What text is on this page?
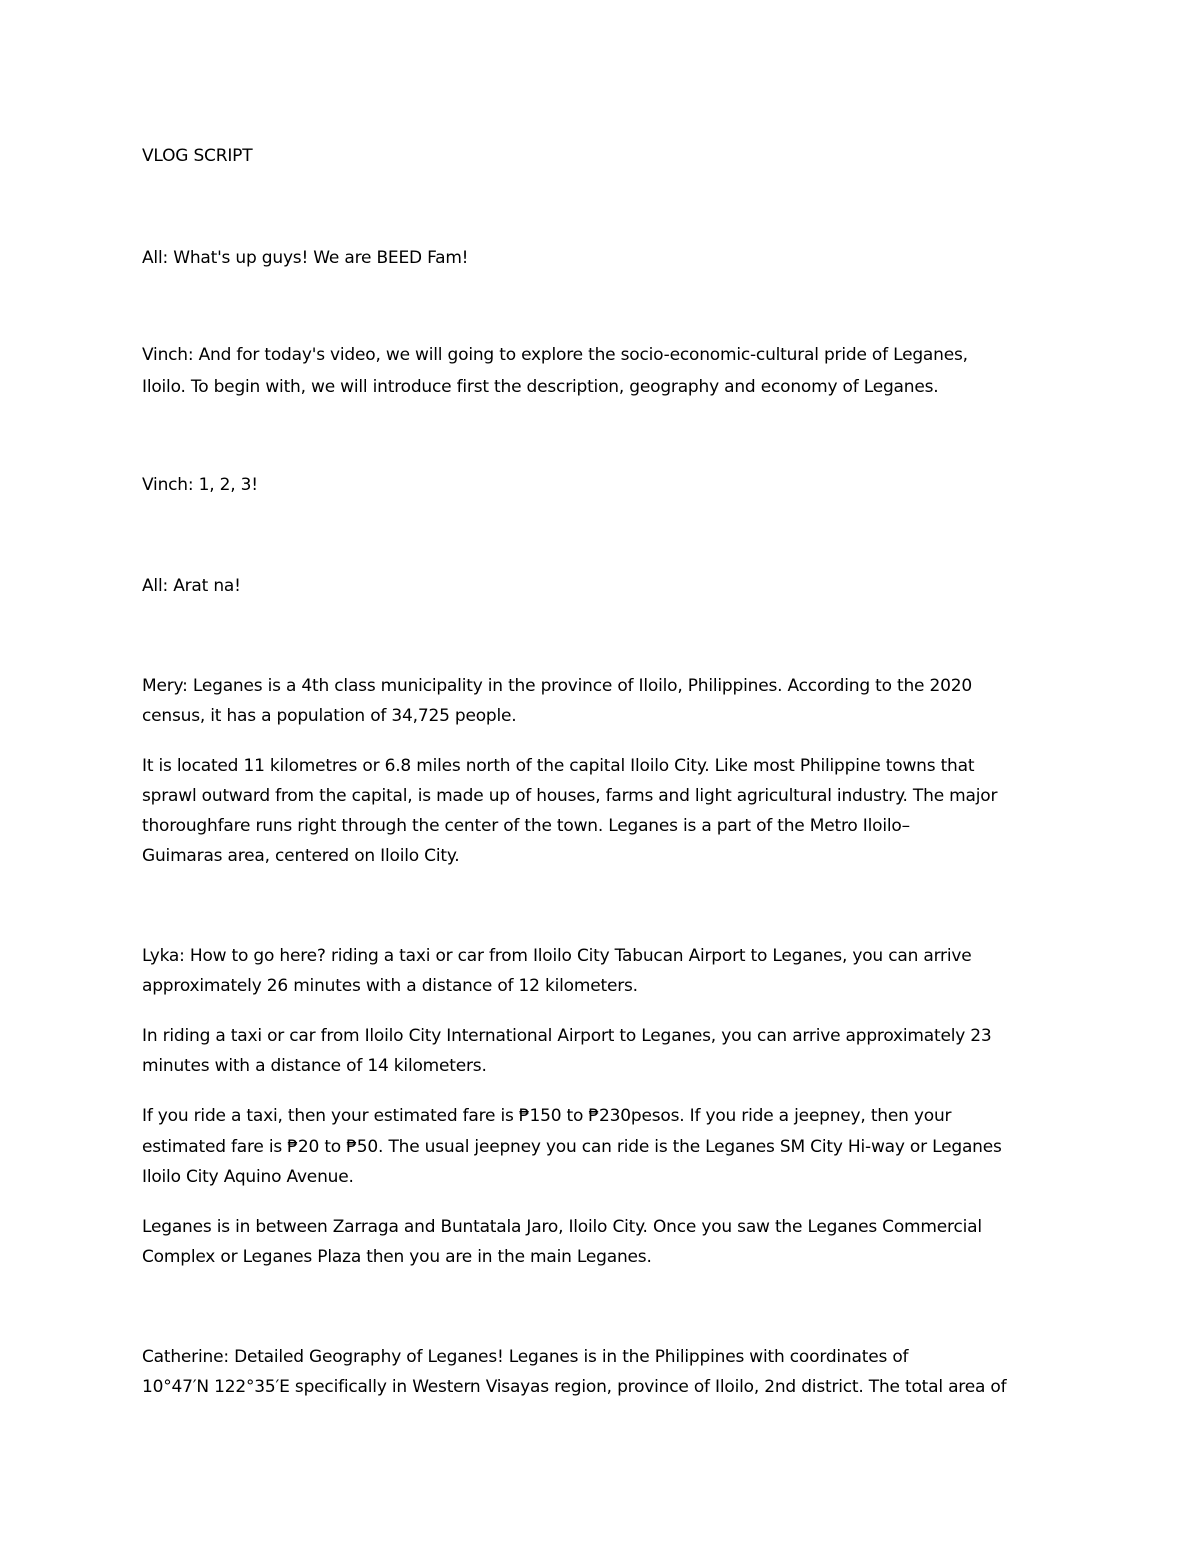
VLOG SCRIPT

All: What's up guys! We are BEED Fam!

Vinch: And for today's video, we will going to explore the socio-economic-cultural pride of Leganes,

Iloilo. To begin with, we will introduce first the description, geography and economy of Leganes.

Vinch: 1, 2, 3!

All: Arat na!

Mery: Leganes is a 4th class municipality in the province of Iloilo, Philippines. According to the 2020

census, it has a population of 34,725 people.

It is located 11 kilometres or 6.8 miles north of the capital Iloilo City. Like most Philippine towns that

sprawl outward from the capital, is made up of houses, farms and light agricultural industry. The major

thoroughfare runs right through the center of the town. Leganes is a part of the Metro Iloilo–

Guimaras area, centered on Iloilo City.

Lyka: How to go here? riding a taxi or car from Iloilo City Tabucan Airport to Leganes, you can arrive

approximately 26 minutes with a distance of 12 kilometers.

In riding a taxi or car from Iloilo City International Airport to Leganes, you can arrive approximately 23

minutes with a distance of 14 kilometers.

If you ride a taxi, then your estimated fare is ₱150 to ₱230pesos. If you ride a jeepney, then your

estimated fare is ₱20 to ₱50. The usual jeepney you can ride is the Leganes SM City Hi-way or Leganes

Iloilo City Aquino Avenue.

Leganes is in between Zarraga and Buntatala Jaro, Iloilo City. Once you saw the Leganes Commercial

Complex or Leganes Plaza then you are in the main Leganes.

Catherine: Detailed Geography of Leganes! Leganes is in the Philippines with coordinates of

10°47′N 122°35′E specifically in Western Visayas region, province of Iloilo, 2nd district. The total area of
